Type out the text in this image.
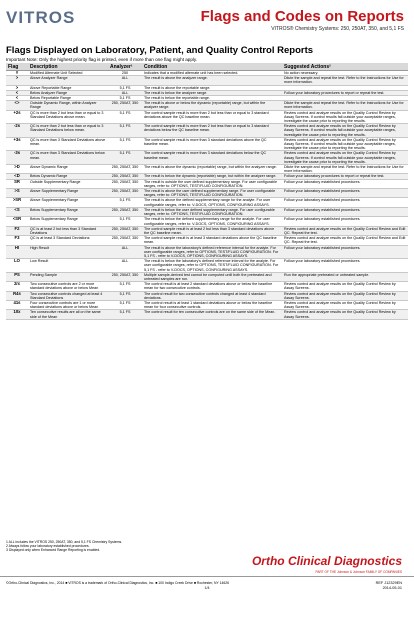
VITROS	Flags and Codes on Reports
VITROS® Chemistry Systems: 250, 250AT, 350, and 5,1 FS
Flags Displayed on Laboratory, Patient, and Quality Control Reports
Important Note: Only the highest priority flag is printed, even if more than one flag might apply.
Flag	Description	Analyzer¹	Condition	Suggested Actions²
#	Modified Alternate Unit Selected	250	Indicates that a modified alternate unit has been selected.	No action necessary.
>	Above Analyzer Range	ALL	The result is above the analyzer range.	Dilute the sample and repeat the test. Refer to the Instructions for Use for more information.
>	Above Reportable Range	5,1 FS	The result is above the reportable range.	
<	Below Analyzer Range	ALL	The result is below the analyzer range.	Follow your laboratory procedures to report or repeat the test.
<	Below Reportable Range	5,1 FS	The result is below the reportable range.	
<>	Outside Dynamic Range, within Analyzer Range	250, 250AT, 350	The result is above or below the dynamic (reportable) range, but within the analyzer range.	Dilute the sample and repeat the test. Refer to the Instructions for Use for more information.
+2s	QC is more than 2 but less than or equal to 3 Standard Deviations above mean.	5,1 FS	The control sample result is more than 2 but less than or equal to 3 standard deviations above the QC baseline mean.	Review control and analyze results on the Quality Control Review by Assay Screens. If control results fall outside your acceptable ranges, investigate the cause prior to reporting the results.
-2s	QC is more than 2 but less than or equal to 3 Standard Deviations below mean.	5,1 FS	The control sample result is more than 2 but less than or equal to 3 standard deviations below the QC baseline mean.	Review control and analyze results on the Quality Control Review by Assay Screens. If control results fall outside your acceptable ranges, investigate the cause prior to reporting the results.
+3s	QC is more than 3 Standard Deviations above mean.	5,1 FS	The control sample result is more than 3 standard deviations above the QC baseline mean.	Review control and analyze results on the Quality Control Review by Assay Screens. If control results fall outside your acceptable ranges, investigate the cause prior to reporting the results.
-3s	QC is more than 3 Standard Deviations below mean.	5,1 FS	The control sample result is more than 3 standard deviations below the QC baseline mean.	Review control and analyze results on the Quality Control Review by Assay Screens. If control results fall outside your acceptable ranges, investigate the cause prior to reporting the results.
>D	Above Dynamic Range	250, 250AT, 350	The result is above the dynamic (reportable) range, but within the analyzer range.	Dilute the sample and repeat the test. Refer to the Instructions for Use for more information.
<D	Below Dynamic Range	250, 250AT, 350	The result is below the dynamic (reportable) range, but within the analyzer range.	Follow your laboratory procedures to report or repeat the test.
SR	Outside Supplementary Range	250, 250AT, 350	The result is outside the user defined supplementary range. For user configurable ranges, refer to: OPTIONS, TEST/FLUID CONFIGURATION.	Follow your laboratory established procedures.
>S	Above Supplementary Range	250, 250AT, 350	The result is above the user defined supplementary range. For user configurable ranges, refer to: OPTIONS, TEST/FLUID CONFIGURATION.	Follow your laboratory established procedures.
>SR	Above Supplementary Range	5,1 FS	The result is above the defined supplementary range for the analyte. For user configurable ranges, refer to: V-DOCS, OPTIONS, CONFIGURING ASSAYS.	Follow your laboratory established procedures.
<S	Below Supplementary Range	250, 250AT, 350	The result is below the user defined supplementary range. For user configurable ranges, refer to: OPTIONS, TEST/FLUID CONFIGURATION.	Follow your laboratory established procedures.
<SR	Below Supplementary Range	5,1 FS	The result is below the defined supplementary range for the analyte. For user configurable ranges, refer to: V-DOCS, OPTIONS, CONFIGURING ASSAYS.	Follow your laboratory established procedures.
F2	QC is at least 2 but less than 3 Standard Deviations	250, 250AT, 350	The control sample result is at least 2 but less than 3 standard deviations above the QC baseline mean.	Review control and analyze results on the Quality Control Review and Edit QC. Repeat the test.
F3	QC is at least 3 Standard Deviations	250, 250AT, 350	The control sample result is at least 3 standard deviations above the QC baseline mean.	Review control and analyze results on the Quality Control Review and Edit QC. Repeat the test.
HI	High Result	ALL	The result is above the laboratory's defined reference interval for the analyte. For user configurable ranges, refer to OPTIONS, TEST/FLUID CONFIGURATION. For 5,1 FS - refer to V-DOCS, OPTIONS, CONFIGURING ASSAYS.	Follow your laboratory established procedures.
LO	Low Result	ALL	The result is below the laboratory's defined reference interval for the analyte. For user configurable ranges, refer to OPTIONS, TEST/FLUID CONFIGURATION. For 5,1 FS - refer to V-DOCS, OPTIONS, CONFIGURING ASSAYS.	Follow your laboratory established procedures.
PS	Pending Sample	250, 250AT, 350	Multiple sample-derived test cannot be computed until both the pretreated and untreated samples are run.	Run the appropriate pretreated or untreated sample.
2/x	Two consecutive controls are 2 or more standard deviations above or below Mean	5,1 FS	The control result is at least 2 standard deviations above or below the baseline mean for two consecutive controls.	Review control and analyze results on the Quality Control Review by Assay Screens.
R4s	Two consecutive controls changed at least 4 Standard Deviations	5,1 FS	The control result for two consecutive controls changed at least 4 standard deviations.	Review control and analyze results on the Quality Control Review by Assay Screens.
41s	Four consecutive controls are 1 or more standard deviations above or below Mean	5,1 FS	The control result is at least 1 standard deviations above or below the baseline mean for four consecutive controls.	Review control and analyze results on the Quality Control Review by Assay Screens.
10x	Ten consecutive results are all on the same side of the Mean	5,1 FS	The control result for ten consecutive controls are on the same side of the Mean.	Review control and analyze results on the Quality Control Review by Assay Screens.
1 ALL includes the VITROS 250, 250AT, 350, and 5,1 FS Chemistry Systems.
2 Always follow your laboratory established procedures.
3 Displayed only when Enhanced Range Reporting is enabled.
Ortho Clinical Diagnostics
PART OF THE Johnson & Johnson FAMILY OF COMPANIES
©Ortho-Clinical Diagnostics, Inc., 2014 ■ VITROS is a trademark of Ortho-Clinical Diagnostics, Inc. ■ 100 Indigo Creek Drive ■ Rochester, NY 14626	REF J12329EN
2014-05-01
1/4
